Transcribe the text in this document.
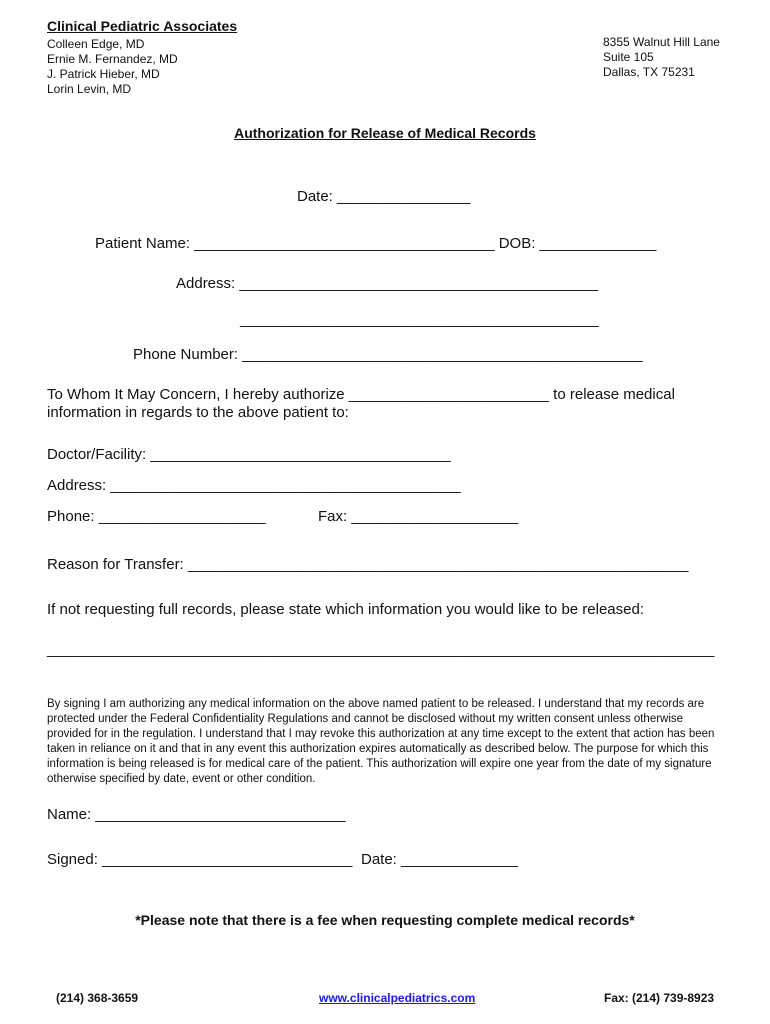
Clinical Pediatric Associates
Colleen Edge, MD
Ernie M. Fernandez, MD
J. Patrick Hieber, MD
Lorin Levin, MD
8355 Walnut Hill Lane
Suite 105
Dallas, TX 75231
Authorization for Release of Medical Records
Date: ________________
Patient Name: ____________________________________ DOB: ______________
Address: ___________________________________________
___________________________________________
Phone Number: ________________________________________________
To Whom It May Concern, I hereby authorize ________________________ to release medical
information in regards to the above patient to:
Doctor/Facility: ____________________________________
Address: __________________________________________
Phone: ____________________	Fax: ____________________
Reason for Transfer: ____________________________________________________________
If not requesting full records, please state which information you would like to be released:
________________________________________________________________________________
By signing I am authorizing any medical information on the above named patient to be released. I understand that my records are protected under the Federal Confidentiality Regulations and cannot be disclosed without my written consent unless otherwise provided for in the regulation. I understand that I may revoke this authorization at any time except to the extent that action has been taken in reliance on it and that in any event this authorization expires automatically as described below. The purpose for which this information is being released is for medical care of the patient. This authorization will expire one year from the date of my signature otherwise specified by date, event or other condition.
Name: ______________________________
Signed: ______________________________ Date: ______________
*Please note that there is a fee when requesting complete medical records*
(214) 368-3659	www.clinicalpediatrics.com	Fax: (214) 739-8923
